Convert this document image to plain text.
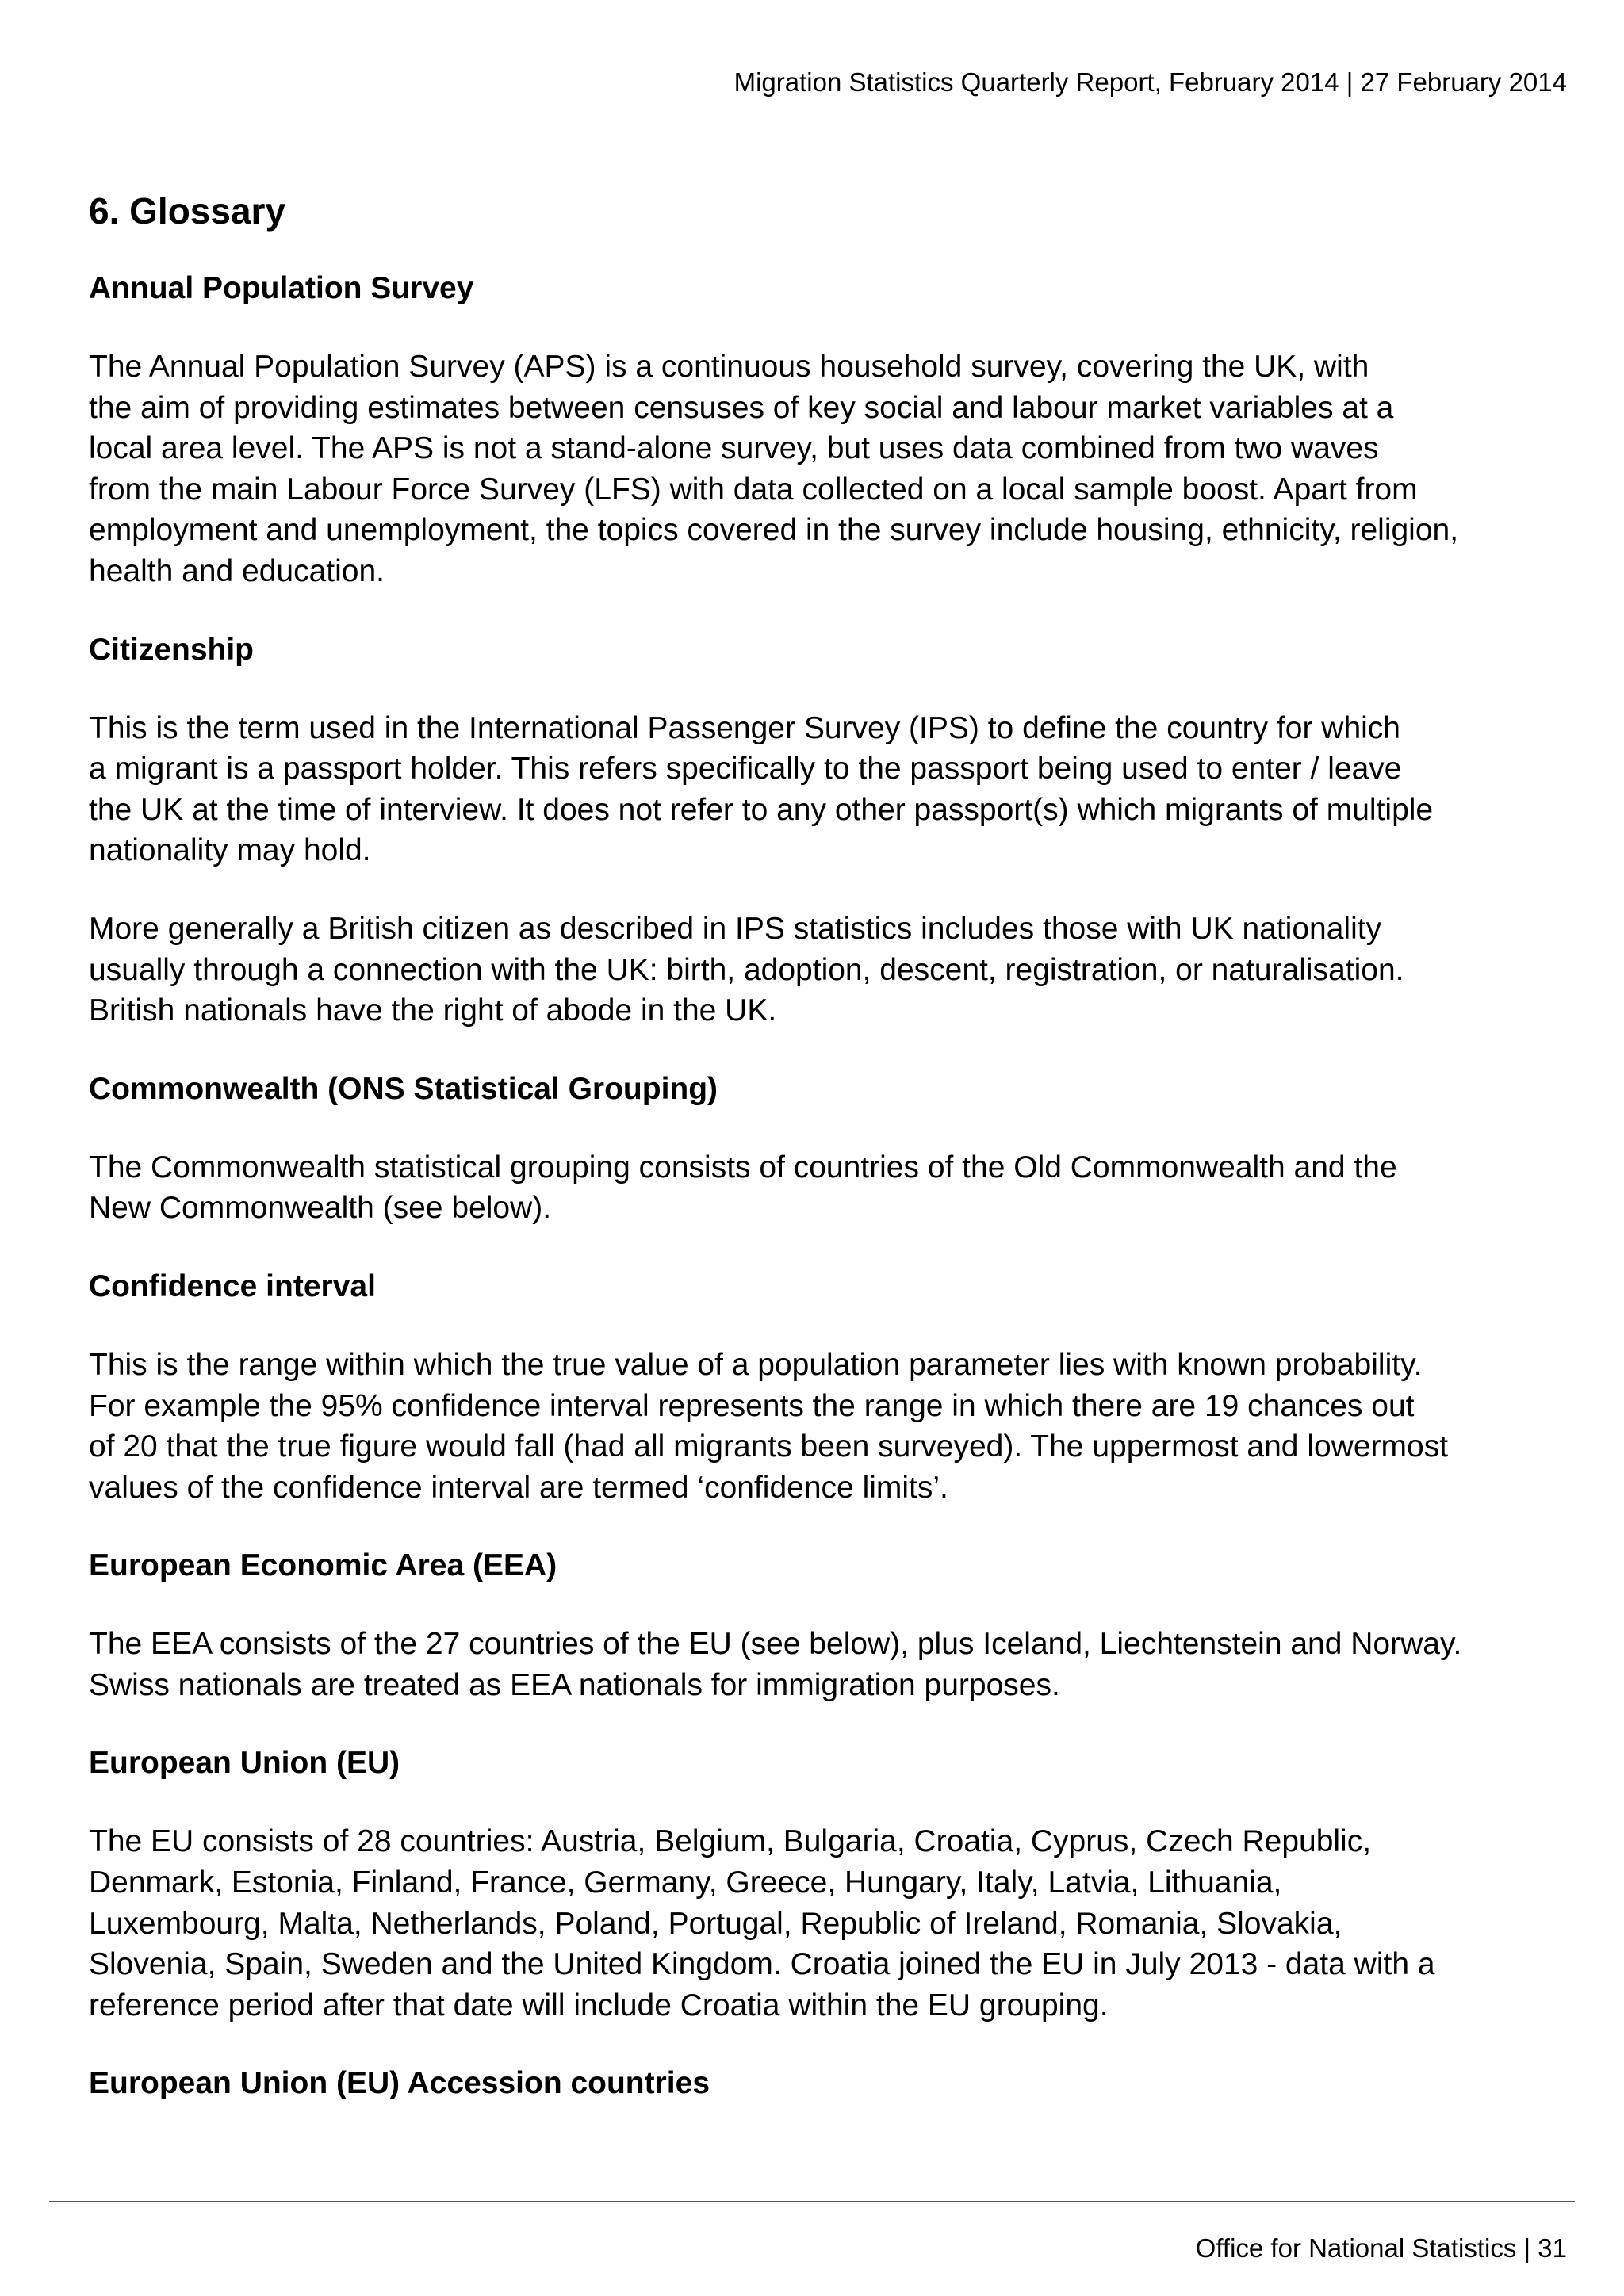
Migration Statistics Quarterly Report, February 2014 | 27 February 2014
6. Glossary
Annual Population Survey
The Annual Population Survey (APS) is a continuous household survey, covering the UK, with
the aim of providing estimates between censuses of key social and labour market variables at a
local area level. The APS is not a stand-alone survey, but uses data combined from two waves
from the main Labour Force Survey (LFS) with data collected on a local sample boost. Apart from
employment and unemployment, the topics covered in the survey include housing, ethnicity, religion,
health and education.
Citizenship
This is the term used in the International Passenger Survey (IPS) to define the country for which
a migrant is a passport holder. This refers specifically to the passport being used to enter / leave
the UK at the time of interview. It does not refer to any other passport(s) which migrants of multiple
nationality may hold.
More generally a British citizen as described in IPS statistics includes those with UK nationality
usually through a connection with the UK: birth, adoption, descent, registration, or naturalisation.
British nationals have the right of abode in the UK.
Commonwealth (ONS Statistical Grouping)
The Commonwealth statistical grouping consists of countries of the Old Commonwealth and the
New Commonwealth (see below).
Confidence interval
This is the range within which the true value of a population parameter lies with known probability.
For example the 95% confidence interval represents the range in which there are 19 chances out
of 20 that the true figure would fall (had all migrants been surveyed). The uppermost and lowermost
values of the confidence interval are termed ‘confidence limits’.
European Economic Area (EEA)
The EEA consists of the 27 countries of the EU (see below), plus Iceland, Liechtenstein and Norway.
Swiss nationals are treated as EEA nationals for immigration purposes.
European Union (EU)
The EU consists of 28 countries: Austria, Belgium, Bulgaria, Croatia, Cyprus, Czech Republic,
Denmark, Estonia, Finland, France, Germany, Greece, Hungary, Italy, Latvia, Lithuania,
Luxembourg, Malta, Netherlands, Poland, Portugal, Republic of Ireland, Romania, Slovakia,
Slovenia, Spain, Sweden and the United Kingdom. Croatia joined the EU in July 2013 - data with a
reference period after that date will include Croatia within the EU grouping.
European Union (EU) Accession countries
Office for National Statistics | 31
